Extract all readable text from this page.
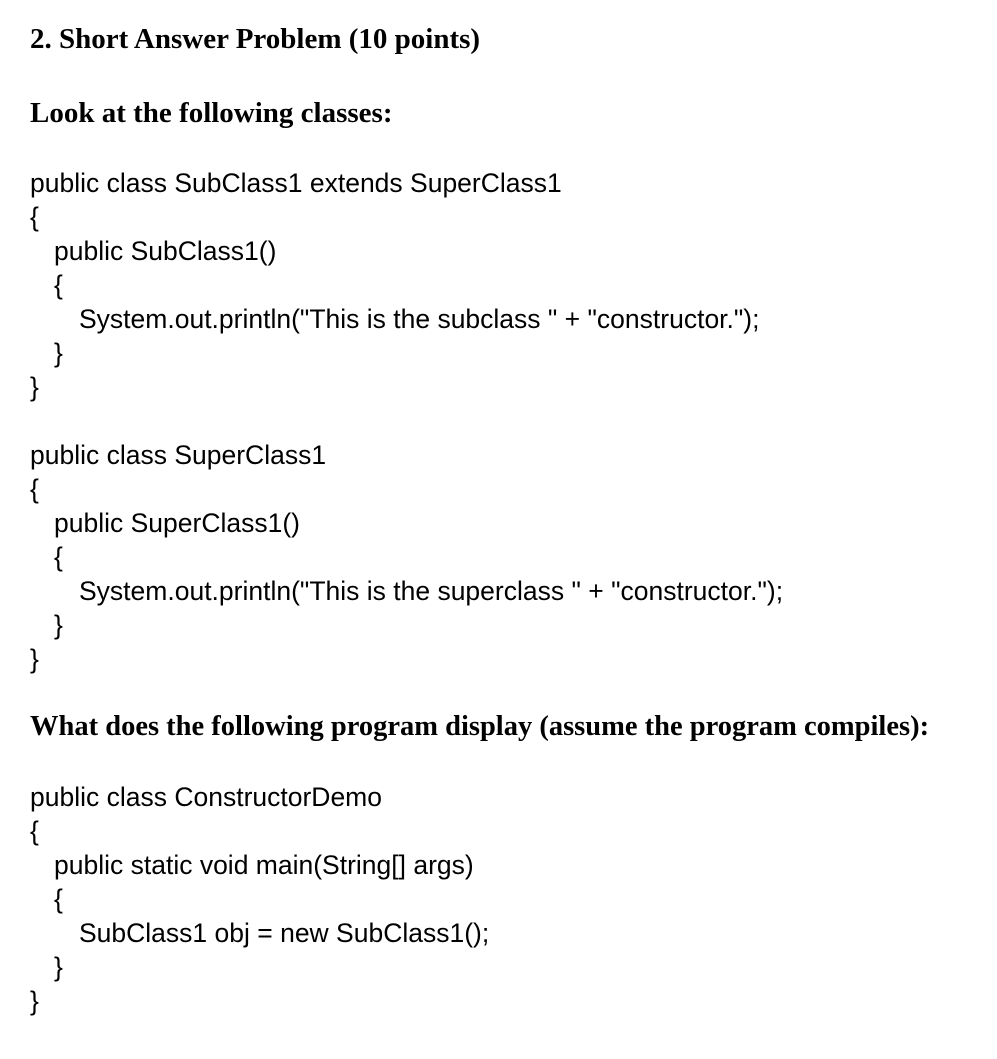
2. Short Answer Problem (10 points)
Look at the following classes:

public class SubClass1 extends SuperClass1

{

public SubClass1()

{

System.out.println("This is the subclass " + "constructor.");

}

}

public class SuperClass1

{

public SuperClass1()

{

System.out.println("This is the superclass " + "constructor.");

}

}

What does the following program display (assume the program compiles):

public class ConstructorDemo

{

public static void main(String[] args)

{

SubClass1 obj = new SubClass1();

}

}
